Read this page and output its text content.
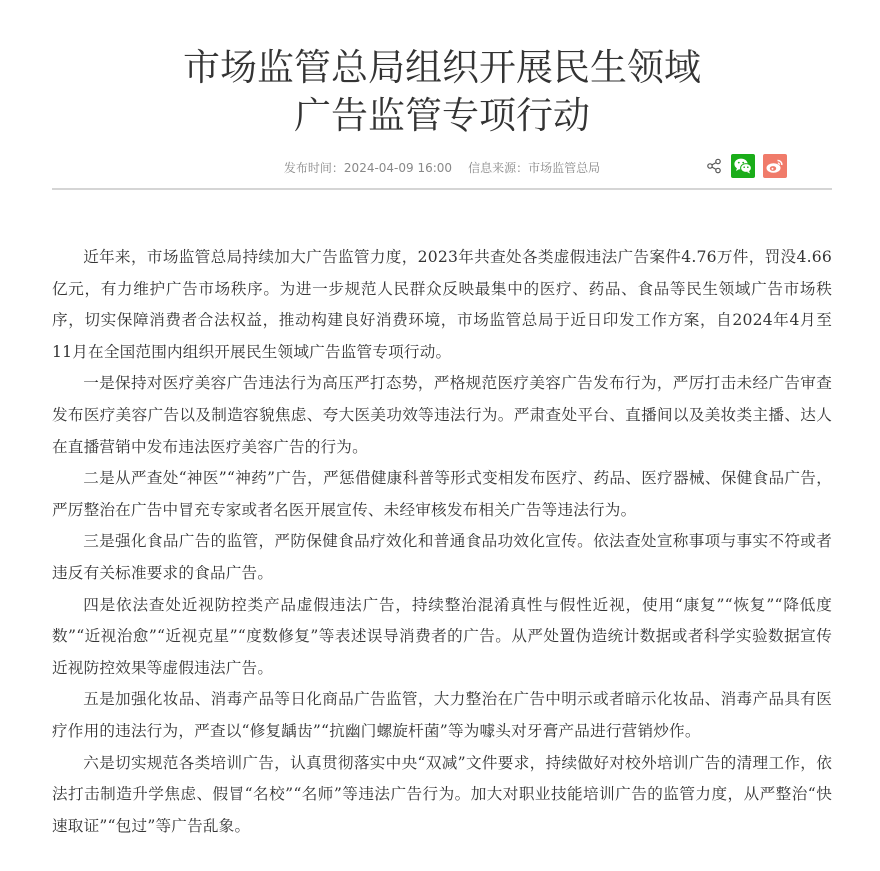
市场监管总局组织开展民生领域
广告监管专项行动
发布时间：2024-04-09 16:00 信息来源：市场监管总局

近年来，市场监管总局持续加大广告监管力度，2023年共查处各类虚假违法广告案件4.76万件，罚没4.66亿元，有力维护广告市场秩序。为进一步规范人民群众反映最集中的医疗、药品、食品等民生领域广告市场秩序，切实保障消费者合法权益，推动构建良好消费环境，市场监管总局于近日印发工作方案，自2024年4月至11月在全国范围内组织开展民生领域广告监管专项行动。

一是保持对医疗美容广告违法行为高压严打态势，严格规范医疗美容广告发布行为，严厉打击未经广告审查发布医疗美容广告以及制造容貌焦虑、夸大医美功效等违法行为。严肃查处平台、直播间以及美妆类主播、达人在直播营销中发布违法医疗美容广告的行为。

二是从严查处“神医”“神药”广告，严惩借健康科普等形式变相发布医疗、药品、医疗器械、保健食品广告，严厉整治在广告中冒充专家或者名医开展宣传、未经审核发布相关广告等违法行为。

三是强化食品广告的监管，严防保健食品疗效化和普通食品功效化宣传。依法查处宣称事项与事实不符或者违反有关标准要求的食品广告。

四是依法查处近视防控类产品虚假违法广告，持续整治混淆真性与假性近视，使用“康复”“恢复”“降低度数”“近视治愈”“近视克星”“度数修复”等表述误导消费者的广告。从严处置伪造统计数据或者科学实验数据宣传近视防控效果等虚假违法广告。

五是加强化妆品、消毒产品等日化商品广告监管，大力整治在广告中明示或者暗示化妆品、消毒产品具有医疗作用的违法行为，严查以“修复龋齿”“抗幽门螺旋杆菌”等为噱头对牙膏产品进行营销炒作。

六是切实规范各类培训广告，认真贯彻落实中央“双减”文件要求，持续做好对校外培训广告的清理工作，依法打击制造升学焦虑、假冒“名校”“名师”等违法广告行为。加大对职业技能培训广告的监管力度，从严整治“快速取证”“包过”等广告乱象。
